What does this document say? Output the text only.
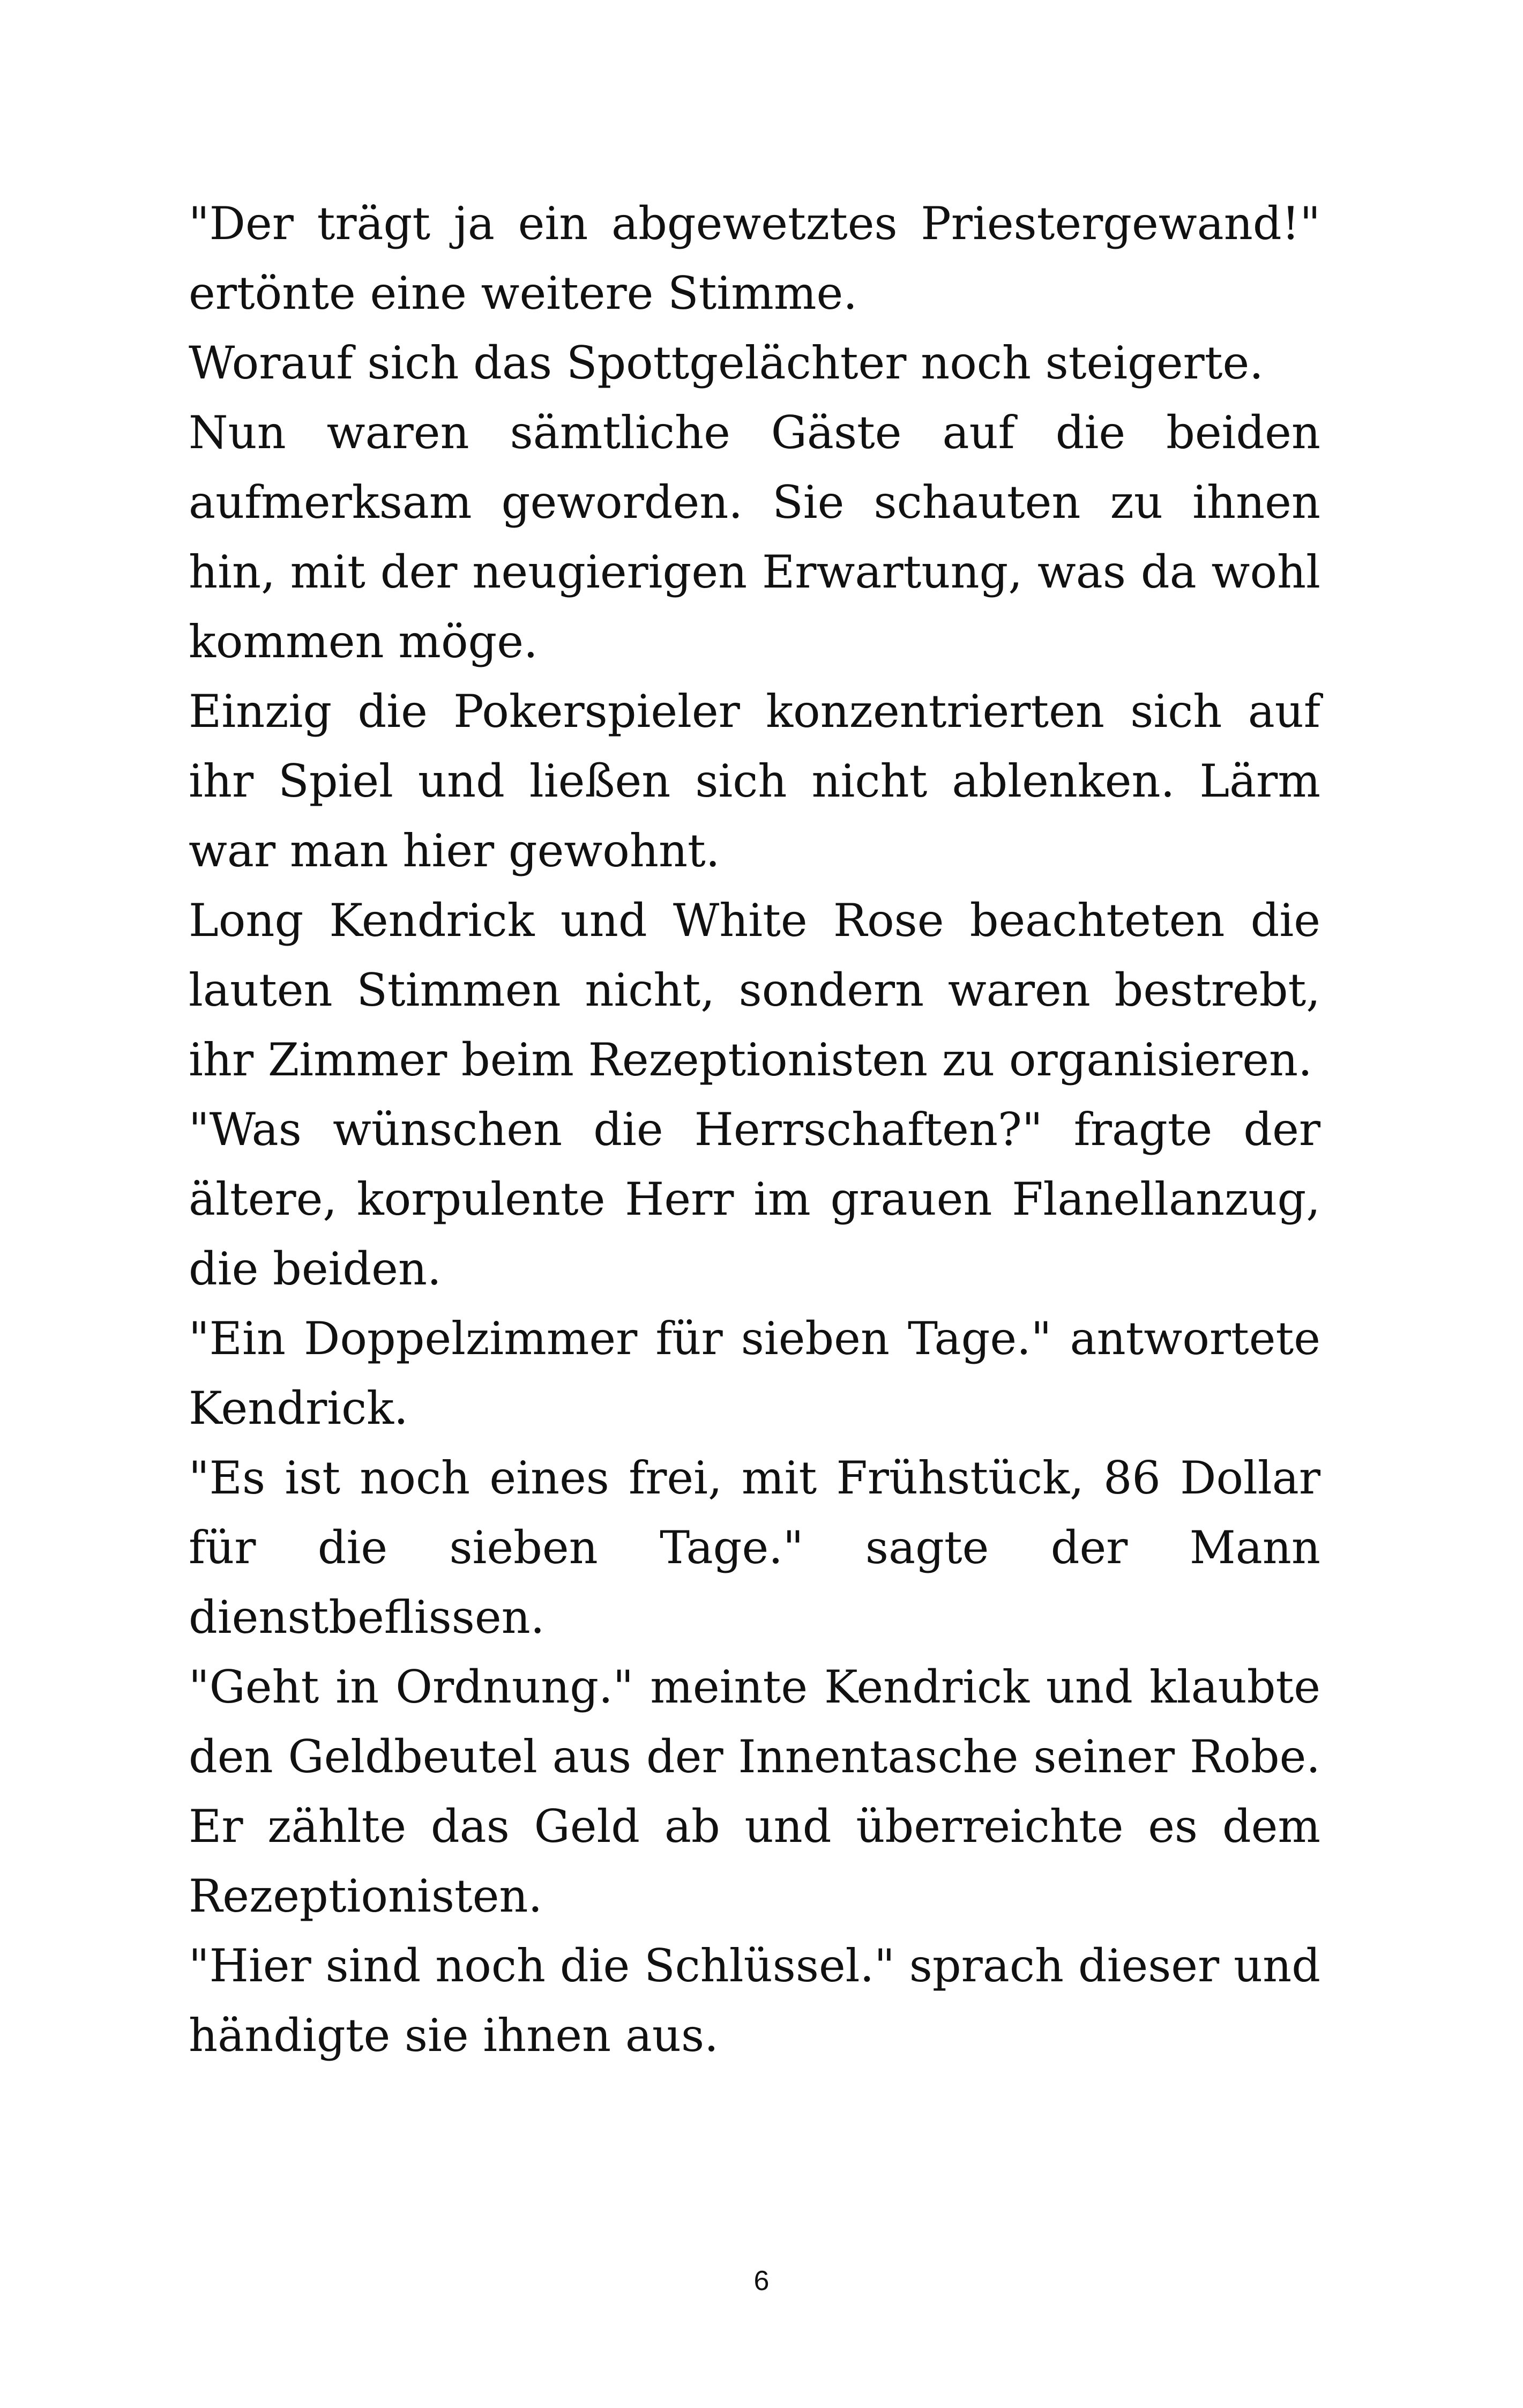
"Der trägt ja ein abgewetztes Priestergewand!" ertönte eine weitere Stimme.

Worauf sich das Spottgelächter noch steigerte.

Nun waren sämtliche Gäste auf die beiden aufmerksam geworden. Sie schauten zu ihnen hin, mit der neugierigen Erwartung, was da wohl kommen möge.

Einzig die Pokerspieler konzentrierten sich auf ihr Spiel und ließen sich nicht ablenken. Lärm war man hier gewohnt.

Long Kendrick und White Rose beachteten die lauten Stimmen nicht, sondern waren bestrebt, ihr Zimmer beim Rezeptionisten zu organisieren.

"Was wünschen die Herrschaften?" fragte der ältere, korpulente Herr im grauen Flanellanzug, die beiden.

"Ein Doppelzimmer für sieben Tage." antwortete Kendrick.

"Es ist noch eines frei, mit Frühstück, 86 Dollar für die sieben Tage." sagte der Mann dienstbeflissen.

"Geht in Ordnung." meinte Kendrick und klaubte den Geldbeutel aus der Innentasche seiner Robe. Er zählte das Geld ab und überreichte es dem Rezeptionisten.

"Hier sind noch die Schlüssel." sprach dieser und händigte sie ihnen aus.

6
